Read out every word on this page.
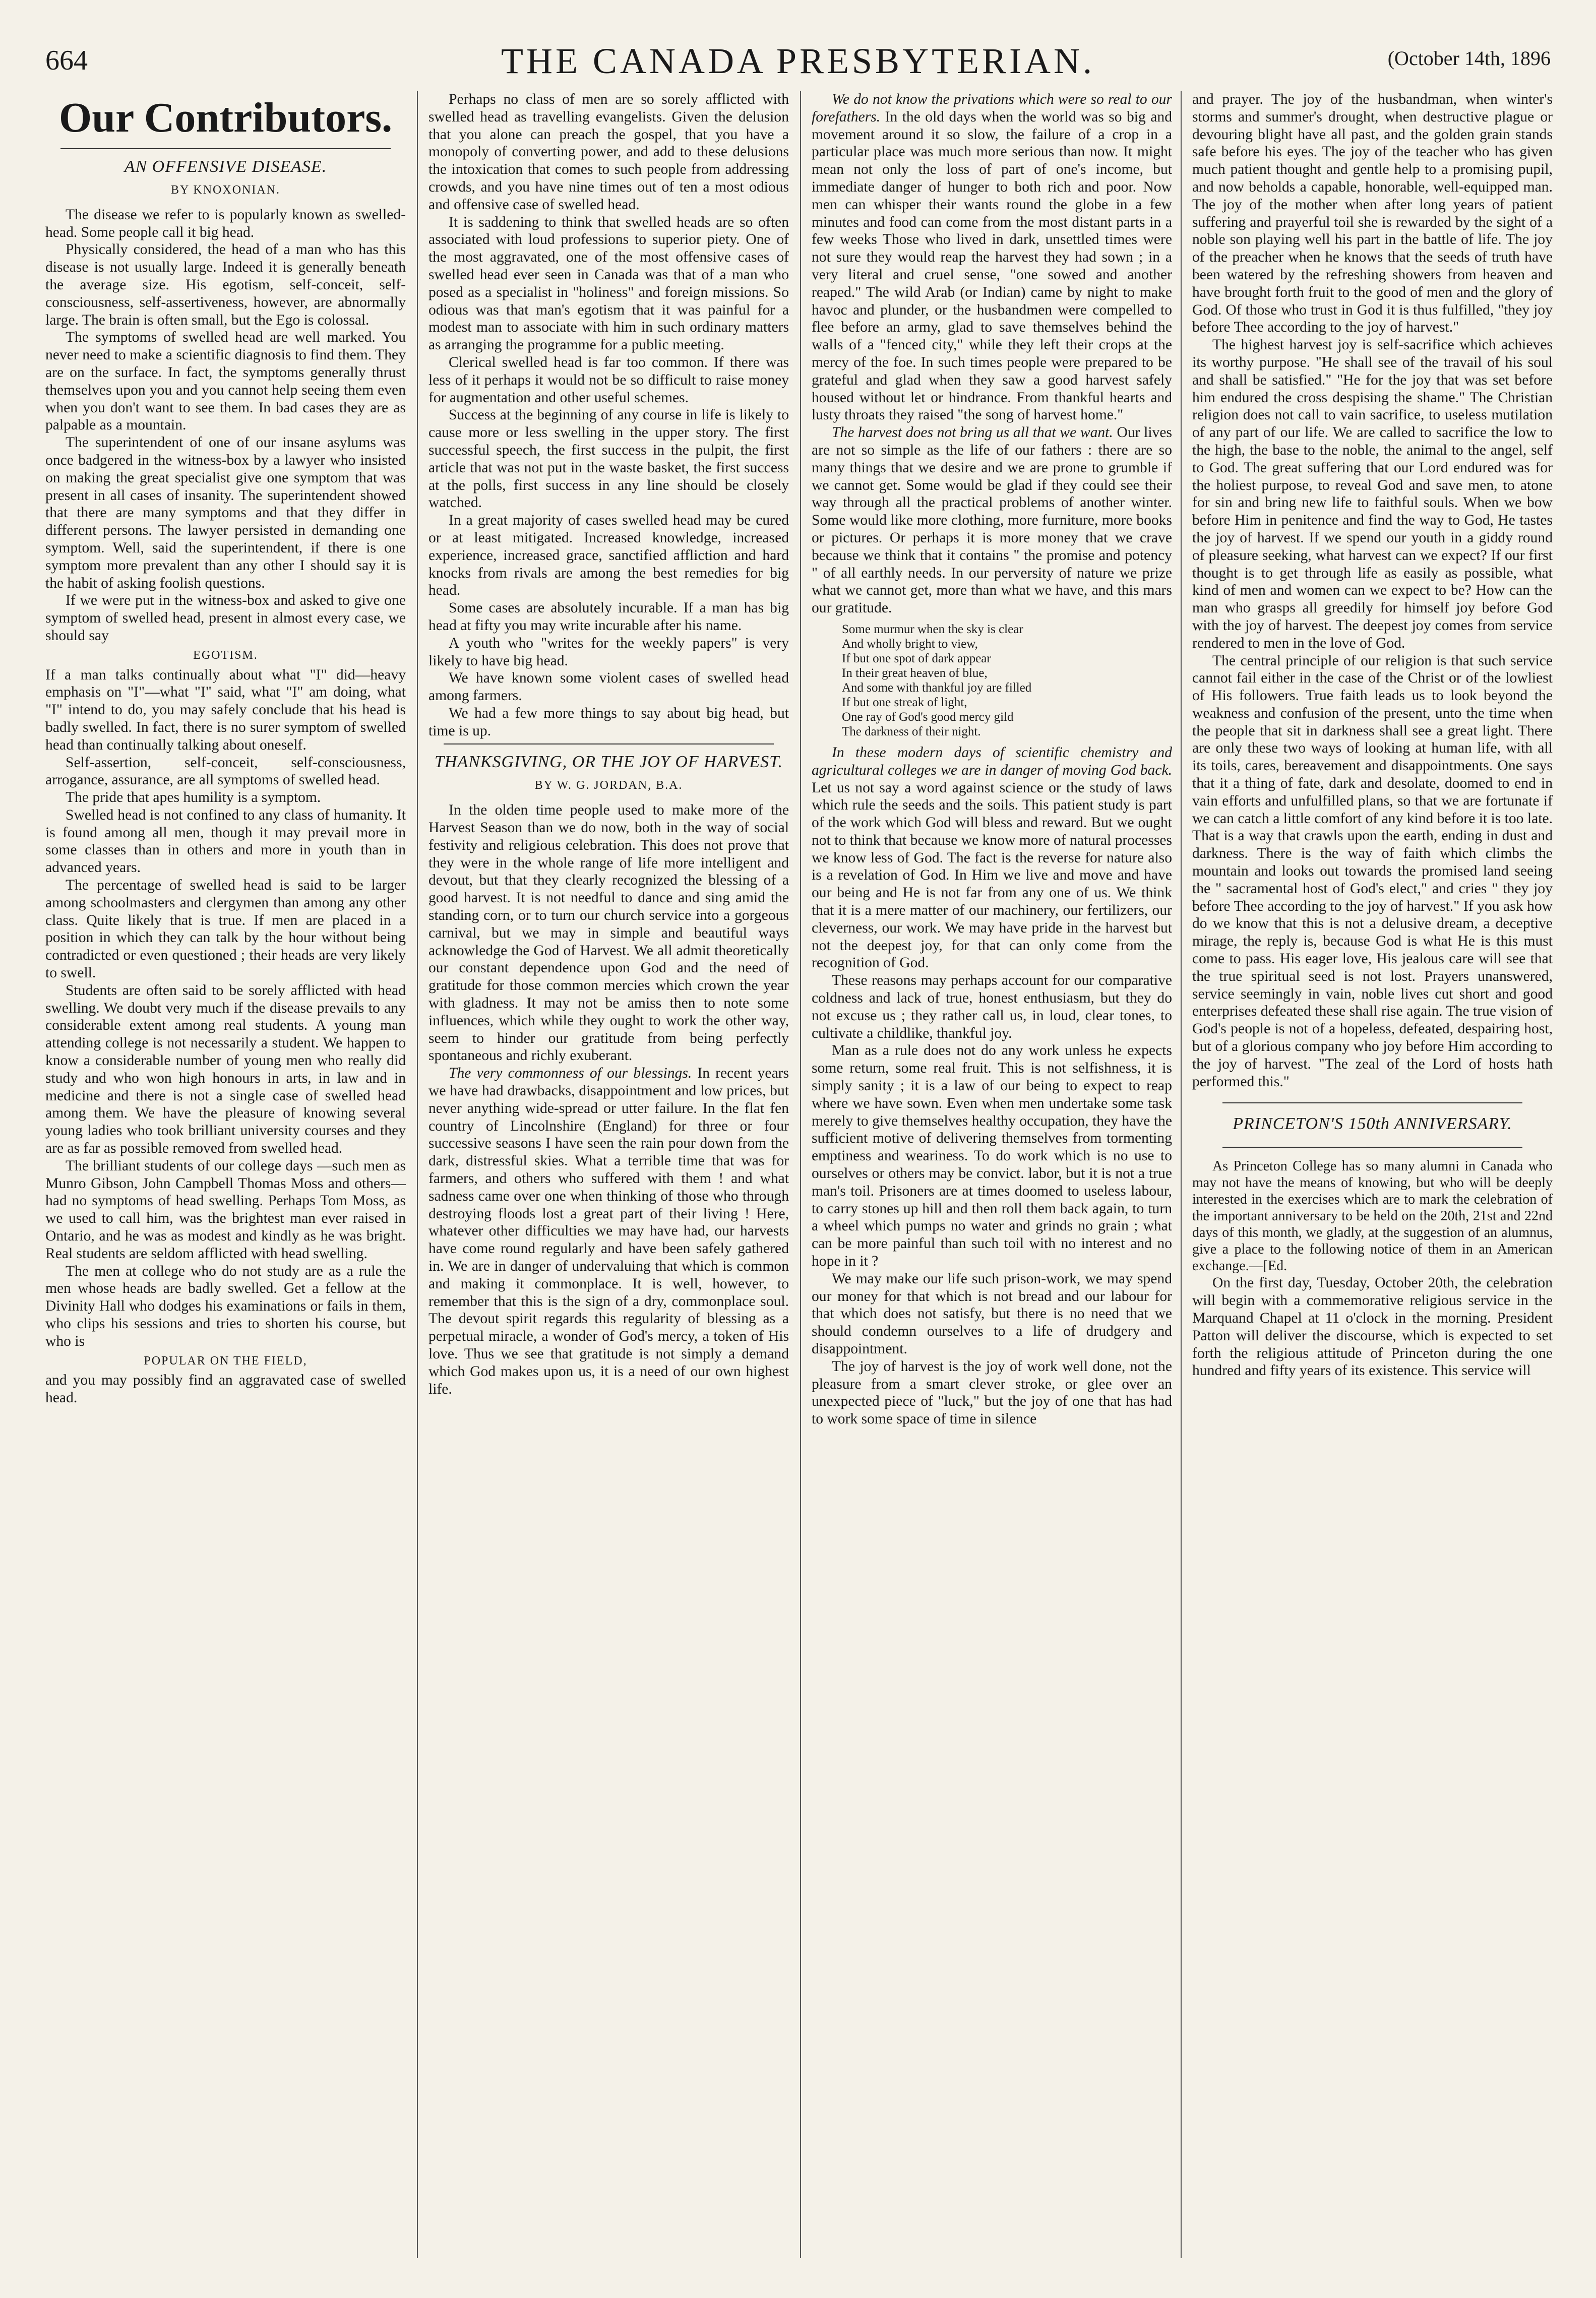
664	THE CANADA PRESBYTERIAN.	(October 14th, 1896
Our Contributors.
AN OFFENSIVE DISEASE.
BY KNOXONIAN.

The disease we refer to is popularly known as swelled-head. Some people call it big head.

Physically considered, the head of a man who has this disease is not usually large. Indeed it is generally beneath the average size. His egotism, self-conceit, self-consciousness, self-assertiveness, however, are abnormally large. The brain is often small, but the Ego is colossal.

The symptoms of swelled head are well marked. You never need to make a scientific diagnosis to find them. They are on the surface. In fact, the symptoms generally thrust themselves upon you and you cannot help seeing them even when you don't want to see them. In bad cases they are as palpable as a mountain.

The superintendent of one of our insane asylums was once badgered in the witness-box by a lawyer who insisted on making the great specialist give one symptom that was present in all cases of insanity. The superintendent showed that there are many symptoms and that they differ in different persons. The lawyer persisted in demanding one symptom. Well, said the superintendent, if there is one symptom more prevalent than any other I should say it is the habit of asking foolish questions.

If we were put in the witness-box and asked to give one symptom of swelled head, present in almost every case, we should say

EGOTISM.

If a man talks continually about what "I" did—heavy emphasis on "I"—what "I" said, what "I" am doing, what "I" intend to do, you may safely conclude that his head is badly swelled. In fact, there is no surer symptom of swelled head than continually talking about oneself.

Self-assertion, self-conceit, self-consciousness, arrogance, assurance, are all symptoms of swelled head.

The pride that apes humility is a symptom.

Swelled head is not confined to any class of humanity. It is found among all men, though it may prevail more in some classes than in others and more in youth than in advanced years.

The percentage of swelled head is said to be larger among schoolmasters and clergymen than among any other class. Quite likely that is true. If men are placed in a position in which they can talk by the hour without being contradicted or even questioned ; their heads are very likely to swell.

Students are often said to be sorely afflicted with head swelling. We doubt very much if the disease prevails to any considerable extent among real students. A young man attending college is not necessarily a student. We happen to know a considerable number of young men who really did study and who won high honours in arts, in law and in medicine and there is not a single case of swelled head among them. We have the pleasure of knowing several young ladies who took brilliant university courses and they are as far as possible removed from swelled head.

The brilliant students of our college days —such men as Munro Gibson, John Campbell Thomas Moss and others—had no symptoms of head swelling. Perhaps Tom Moss, as we used to call him, was the brightest man ever raised in Ontario, and he was as modest and kindly as he was bright. Real students are seldom afflicted with head swelling.

The men at college who do not study are as a rule the men whose heads are badly swelled. Get a fellow at the Divinity Hall who dodges his examinations or fails in them, who clips his sessions and tries to shorten his course, but who is

POPULAR ON THE FIELD,

and you may possibly find an aggravated case of swelled head.

Perhaps no class of men are so sorely afflicted with swelled head as travelling evangelists. Given the delusion that you alone can preach the gospel, that you have a monopoly of converting power, and add to these delusions the intoxication that comes to such people from addressing crowds, and you have nine times out of ten a most odious and offensive case of swelled head.

It is saddening to think that swelled heads are so often associated with loud professions to superior piety. One of the most aggravated, one of the most offensive cases of swelled head ever seen in Canada was that of a man who posed as a specialist in "holiness" and foreign missions. So odious was that man's egotism that it was painful for a modest man to associate with him in such ordinary matters as arranging the programme for a public meeting.

Clerical swelled head is far too common. If there was less of it perhaps it would not be so difficult to raise money for augmentation and other useful schemes.

Success at the beginning of any course in life is likely to cause more or less swelling in the upper story. The first successful speech, the first success in the pulpit, the first article that was not put in the waste basket, the first success at the polls, first success in any line should be closely watched.

In a great majority of cases swelled head may be cured or at least mitigated. Increased knowledge, increased experience, increased grace, sanctified affliction and hard knocks from rivals are among the best remedies for big head.

Some cases are absolutely incurable. If a man has big head at fifty you may write incurable after his name.

A youth who "writes for the weekly papers" is very likely to have big head.

We have known some violent cases of swelled head among farmers.

We had a few more things to say about big head, but time is up.

THANKSGIVING, OR THE JOY OF HARVEST.
BY W. G. JORDAN, B.A.

In the olden time people used to make more of the Harvest Season than we do now, both in the way of social festivity and religious celebration. This does not prove that they were in the whole range of life more intelligent and devout, but that they clearly recognized the blessing of a good harvest. It is not needful to dance and sing amid the standing corn, or to turn our church service into a gorgeous carnival, but we may in simple and beautiful ways acknowledge the God of Harvest. We all admit theoretically our constant dependence upon God and the need of gratitude for those common mercies which crown the year with gladness. It may not be amiss then to note some influences, which while they ought to work the other way, seem to hinder our gratitude from being perfectly spontaneous and richly exuberant.

The very commonness of our blessings. In recent years we have had drawbacks, disappointment and low prices, but never anything wide-spread or utter failure. In the flat fen country of Lincolnshire (England) for three or four successive seasons I have seen the rain pour down from the dark, distressful skies. What a terrible time that was for farmers, and others who suffered with them ! and what sadness came over one when thinking of those who through destroying floods lost a great part of their living ! Here, whatever other difficulties we may have had, our harvests have come round regularly and have been safely gathered in. We are in danger of undervaluing that which is common and making it commonplace. It is well, however, to remember that this is the sign of a dry, commonplace soul. The devout spirit regards this regularity of blessing as a perpetual miracle, a wonder of God's mercy, a token of His love. Thus we see that gratitude is not simply a demand which God makes upon us, it is a need of our own highest life.

We do not know the privations which were so real to our forefathers. In the old days when the world was so big and movement around it so slow, the failure of a crop in a particular place was much more serious than now. It might mean not only the loss of part of one's income, but immediate danger of hunger to both rich and poor. Now men can whisper their wants round the globe in a few minutes and food can come from the most distant parts in a few weeks Those who lived in dark, unsettled times were not sure they would reap the harvest they had sown ; in a very literal and cruel sense, "one sowed and another reaped." The wild Arab (or Indian) came by night to make havoc and plunder, or the husbandmen were compelled to flee before an army, glad to save themselves behind the walls of a "fenced city," while they left their crops at the mercy of the foe. In such times people were prepared to be grateful and glad when they saw a good harvest safely housed without let or hindrance. From thankful hearts and lusty throats they raised "the song of harvest home."

The harvest does not bring us all that we want. Our lives are not so simple as the life of our fathers : there are so many things that we desire and we are prone to grumble if we cannot get. Some would be glad if they could see their way through all the practical problems of another winter. Some would like more clothing, more furniture, more books or pictures. Or perhaps it is more money that we crave because we think that it contains " the promise and potency " of all earthly needs. In our perversity of nature we prize what we cannot get, more than what we have, and this mars our gratitude.

Some murmur when the sky is clear
And wholly bright to view,
If but one spot of dark appear
In their great heaven of blue,
And some with thankful joy are filled
If but one streak of light,
One ray of God's good mercy gild
The darkness of their night.

In these modern days of scientific chemistry and agricultural colleges we are in danger of moving God back. Let us not say a word against science or the study of laws which rule the seeds and the soils. This patient study is part of the work which God will bless and reward. But we ought not to think that because we know more of natural processes we know less of God. The fact is the reverse for nature also is a revelation of God. In Him we live and move and have our being and He is not far from any one of us. We think that it is a mere matter of our machinery, our fertilizers, our cleverness, our work. We may have pride in the harvest but not the deepest joy, for that can only come from the recognition of God.

These reasons may perhaps account for our comparative coldness and lack of true, honest enthusiasm, but they do not excuse us ; they rather call us, in loud, clear tones, to cultivate a childlike, thankful joy.

Man as a rule does not do any work unless he expects some return, some real fruit. This is not selfishness, it is simply sanity ; it is a law of our being to expect to reap where we have sown. Even when men undertake some task merely to give themselves healthy occupation, they have the sufficient motive of delivering themselves from tormenting emptiness and weariness. To do work which is no use to ourselves or others may be convict. labor, but it is not a true man's toil. Prisoners are at times doomed to useless labour, to carry stones up hill and then roll them back again, to turn a wheel which pumps no water and grinds no grain ; what can be more painful than such toil with no interest and no hope in it ?

We may make our life such prison-work, we may spend our money for that which is not bread and our labour for that which does not satisfy, but there is no need that we should condemn ourselves to a life of drudgery and disappointment.

The joy of harvest is the joy of work well done, not the pleasure from a smart clever stroke, or glee over an unexpected piece of "luck," but the joy of one that has had to work some space of time in silence

and prayer. The joy of the husbandman, when winter's storms and summer's drought, when destructive plague or devouring blight have all past, and the golden grain stands safe before his eyes. The joy of the teacher who has given much patient thought and gentle help to a promising pupil, and now beholds a capable, honorable, well-equipped man. The joy of the mother when after long years of patient suffering and prayerful toil she is rewarded by the sight of a noble son playing well his part in the battle of life. The joy of the preacher when he knows that the seeds of truth have been watered by the refreshing showers from heaven and have brought forth fruit to the good of men and the glory of God. Of those who trust in God it is thus fulfilled, "they joy before Thee according to the joy of harvest."

The highest harvest joy is self-sacrifice which achieves its worthy purpose. "He shall see of the travail of his soul and shall be satisfied." "He for the joy that was set before him endured the cross despising the shame." The Christian religion does not call to vain sacrifice, to useless mutilation of any part of our life. We are called to sacrifice the low to the high, the base to the noble, the animal to the angel, self to God. The great suffering that our Lord endured was for the holiest purpose, to reveal God and save men, to atone for sin and bring new life to faithful souls. When we bow before Him in penitence and find the way to God, He tastes the joy of harvest. If we spend our youth in a giddy round of pleasure seeking, what harvest can we expect? If our first thought is to get through life as easily as possible, what kind of men and women can we expect to be? How can the man who grasps all greedily for himself joy before God with the joy of harvest. The deepest joy comes from service rendered to men in the love of God.

The central principle of our religion is that such service cannot fail either in the case of the Christ or of the lowliest of His followers. True faith leads us to look beyond the weakness and confusion of the present, unto the time when the people that sit in darkness shall see a great light. There are only these two ways of looking at human life, with all its toils, cares, bereavement and disappointments. One says that it a thing of fate, dark and desolate, doomed to end in vain efforts and unfulfilled plans, so that we are fortunate if we can catch a little comfort of any kind before it is too late. That is a way that crawls upon the earth, ending in dust and darkness. There is the way of faith which climbs the mountain and looks out towards the promised land seeing the " sacramental host of God's elect," and cries " they joy before Thee according to the joy of harvest." If you ask how do we know that this is not a delusive dream, a deceptive mirage, the reply is, because God is what He is this must come to pass. His eager love, His jealous care will see that the true spiritual seed is not lost. Prayers unanswered, service seemingly in vain, noble lives cut short and good enterprises defeated these shall rise again. The true vision of God's people is not of a hopeless, defeated, despairing host, but of a glorious company who joy before Him according to the joy of harvest. "The zeal of the Lord of hosts hath performed this."

PRINCETON'S 150th ANNIVERSARY.

As Princeton College has so many alumni in Canada who may not have the means of knowing, but who will be deeply interested in the exercises which are to mark the celebration of the important anniversary to be held on the 20th, 21st and 22nd days of this month, we gladly, at the suggestion of an alumnus, give a place to the following notice of them in an American exchange.—[Ed.

On the first day, Tuesday, October 20th, the celebration will begin with a commemorative religious service in the Marquand Chapel at 11 o'clock in the morning. President Patton will deliver the discourse, which is expected to set forth the religious attitude of Princeton during the one hundred and fifty years of its existence. This service will
